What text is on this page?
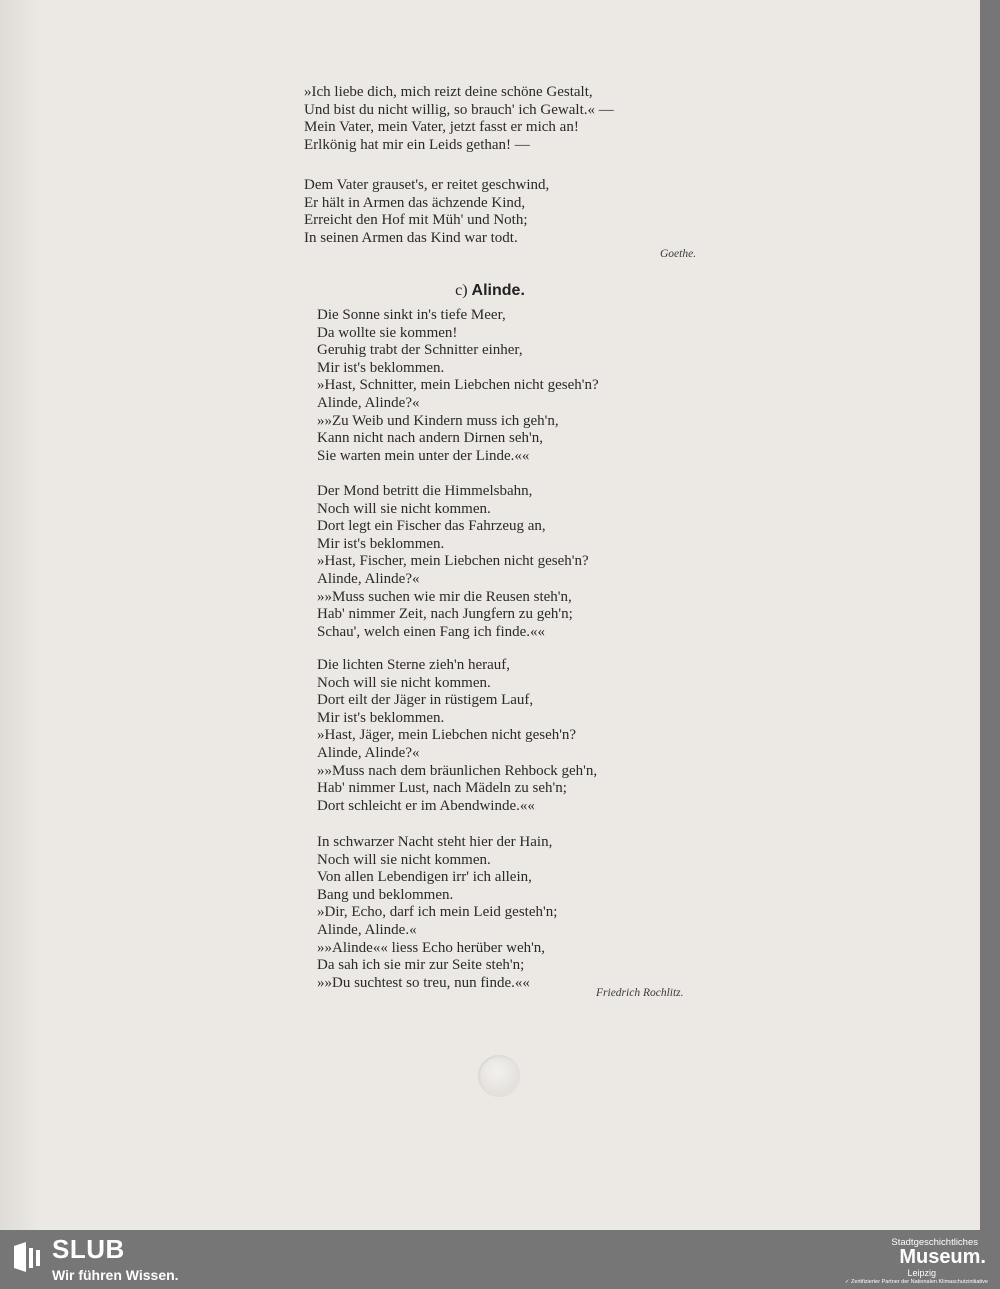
»Ich liebe dich, mich reizt deine schöne Gestalt,
Und bist du nicht willig, so brauch' ich Gewalt.« —
Mein Vater, mein Vater, jetzt fasst er mich an!
Erlkönig hat mir ein Leids gethan! —
Dem Vater grauset's, er reitet geschwind,
Er hält in Armen das ächzende Kind,
Erreicht den Hof mit Müh' und Noth;
In seinen Armen das Kind war todt.
Goethe.
c) Alinde.
Die Sonne sinkt in's tiefe Meer,
Da wollte sie kommen!
Geruhig trabt der Schnitter einher,
Mir ist's beklommen.
»Hast, Schnitter, mein Liebchen nicht geseh'n?
Alinde, Alinde?«
»»Zu Weib und Kindern muss ich geh'n,
Kann nicht nach andern Dirnen seh'n,
Sie warten mein unter der Linde.««
Der Mond betritt die Himmelsbahn,
Noch will sie nicht kommen.
Dort legt ein Fischer das Fahrzeug an,
Mir ist's beklommen.
»Hast, Fischer, mein Liebchen nicht geseh'n?
Alinde, Alinde?«
»»Muss suchen wie mir die Reusen steh'n,
Hab' nimmer Zeit, nach Jungfern zu geh'n;
Schau', welch einen Fang ich finde.««
Die lichten Sterne zieh'n herauf,
Noch will sie nicht kommen.
Dort eilt der Jäger in rüstigem Lauf,
Mir ist's beklommen.
»Hast, Jäger, mein Liebchen nicht geseh'n?
Alinde, Alinde?«
»»Muss nach dem bräunlichen Rehbock geh'n,
Hab' nimmer Lust, nach Mädeln zu seh'n;
Dort schleicht er im Abendwinde.««
In schwarzer Nacht steht hier der Hain,
Noch will sie nicht kommen.
Von allen Lebendigen irr' ich allein,
Bang und beklommen.
»Dir, Echo, darf ich mein Leid gesteh'n;
Alinde, Alinde.«
»»Alinde«« liess Echo herüber weh'n,
Da sah ich sie mir zur Seite steh'n;
»»Du suchtest so treu, nun finde.««
Friedrich Rochlitz.
SLUB
Wir führen Wissen.
Stadtgeschichtliches
Museum.
Leipzig
✓ Zertifizierter Partner der Nationalen Klimaschutzinitiative
